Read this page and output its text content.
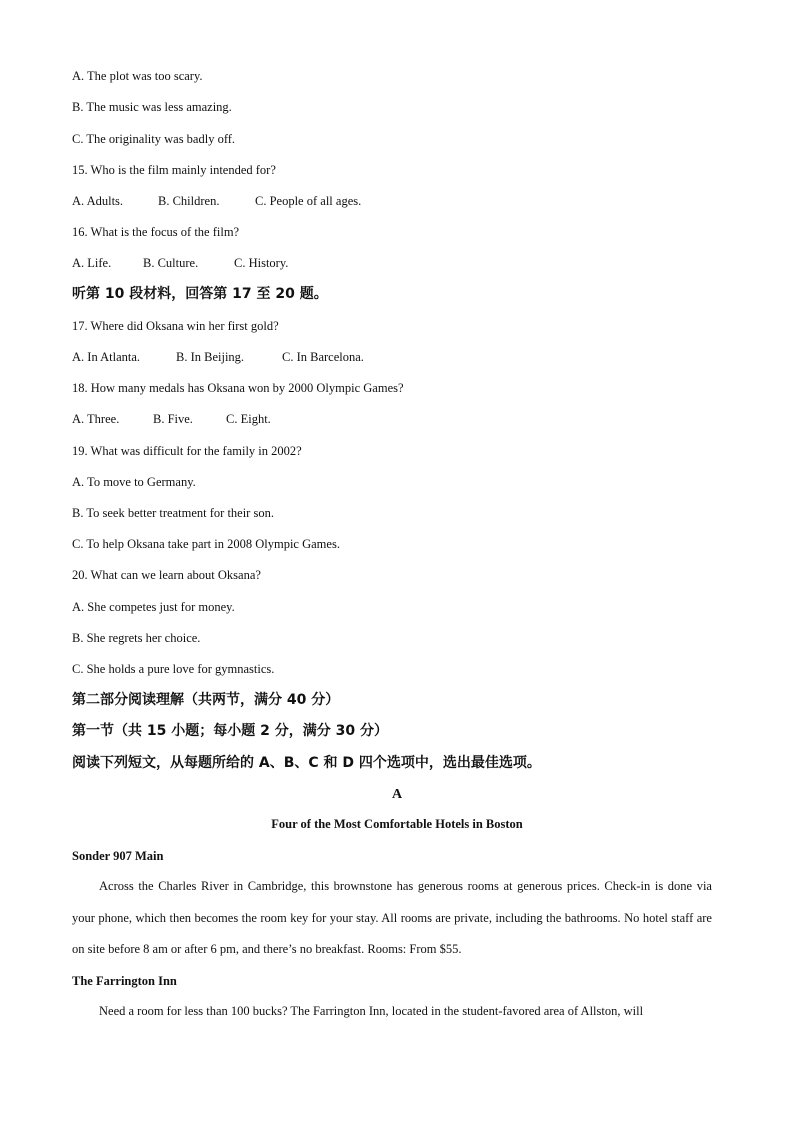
A. The plot was too scary.
B. The music was less amazing.
C. The originality was badly off.
15. Who is the film mainly intended for?
A. Adults.	B. Children.	C. People of all ages.
16. What is the focus of the film?
A. Life.	B. Culture.	C. History.
听第 10 段材料，回答第 17 至 20 题。
17. Where did Oksana win her first gold?
A. In Atlanta.	B. In Beijing.	C. In Barcelona.
18. How many medals has Oksana won by 2000 Olympic Games?
A. Three.	B. Five.	C. Eight.
19. What was difficult for the family in 2002?
A. To move to Germany.
B. To seek better treatment for their son.
C. To help Oksana take part in 2008 Olympic Games.
20. What can we learn about Oksana?
A. She competes just for money.
B. She regrets her choice.
C. She holds a pure love for gymnastics.
第二部分阅读理解（共两节，满分 40 分）
第一节（共 15 小题；每小题 2 分，满分 30 分）
阅读下列短文，从每题所给的 A、B、C 和 D 四个选项中，选出最佳选项。
A
Four of the Most Comfortable Hotels in Boston
Sonder 907 Main
Across the Charles River in Cambridge, this brownstone has generous rooms at generous prices. Check-in is done via your phone, which then becomes the room key for your stay. All rooms are private, including the bathrooms. No hotel staff are on site before 8 am or after 6 pm, and there’s no breakfast. Rooms: From $55.
The Farrington Inn
Need a room for less than 100 bucks? The Farrington Inn, located in the student-favored area of Allston, will
